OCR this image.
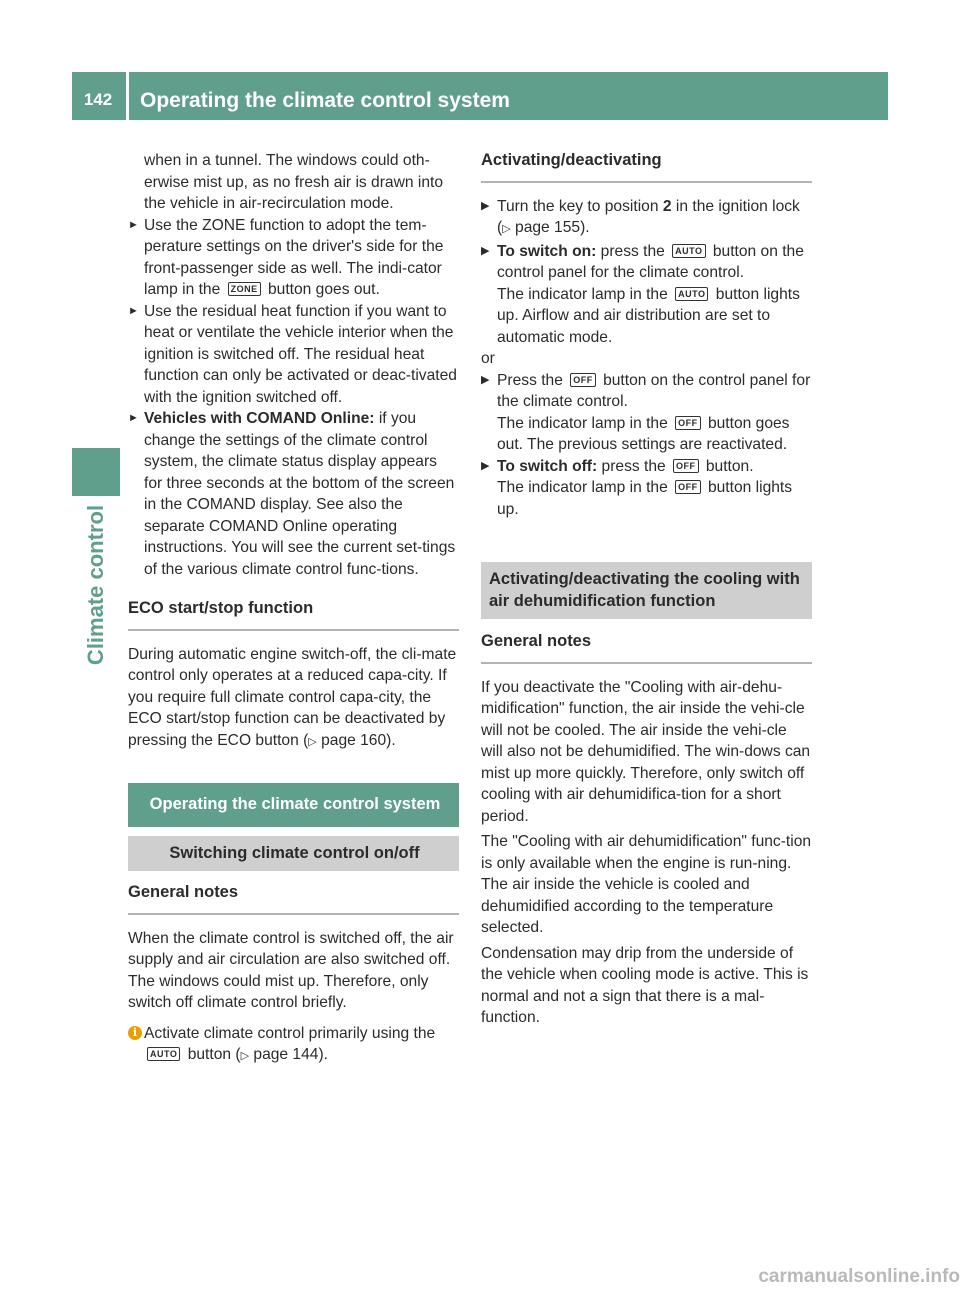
142	Operating the climate control system
Climate control

when in a tunnel. The windows could oth-erwise mist up, as no fresh air is drawn into the vehicle in air-recirculation mode.

► Use the ZONE function to adopt the tem-perature settings on the driver's side for the front-passenger side as well. The indi-cator lamp in the ZONE button goes out.
► Use the residual heat function if you want to heat or ventilate the vehicle interior when the ignition is switched off. The residual heat function can only be activated or deac-tivated with the ignition switched off.
► Vehicles with COMAND Online: if you change the settings of the climate control system, the climate status display appears for three seconds at the bottom of the screen in the COMAND display. See also the separate COMAND Online operating instructions. You will see the current set-tings of the various climate control func-tions.
ECO start/stop function

During automatic engine switch-off, the cli-mate control only operates at a reduced capa-city. If you require full climate control capa-city, the ECO start/stop function can be deactivated by pressing the ECO button (▷ page 160).

Operating the climate control system
Switching climate control on/off
General notes

When the climate control is switched off, the air supply and air circulation are also switched off. The windows could mist up. Therefore, only switch off climate control briefly.

i Activate climate control primarily using the AUTO button (▷ page 144).
Activating/deactivating
▶ Turn the key to position 2 in the ignition lock (▷ page 155).
▶ To switch on: press the AUTO button on the control panel for the climate control.
The indicator lamp in the AUTO button lights up. Airflow and air distribution are set to automatic mode.

or

▶ Press the OFF button on the control panel for the climate control.
The indicator lamp in the OFF button goes out. The previous settings are reactivated.
▶ To switch off: press the OFF button.
The indicator lamp in the OFF button lights up.
Activating/deactivating the cooling with air dehumidification function
General notes

If you deactivate the "Cooling with air-dehu-midification" function, the air inside the vehi-cle will not be cooled. The air inside the vehi-cle will also not be dehumidified. The win-dows can mist up more quickly. Therefore, only switch off cooling with air dehumidifica-tion for a short period.

The "Cooling with air dehumidification" func-tion is only available when the engine is run-ning. The air inside the vehicle is cooled and dehumidified according to the temperature selected.

Condensation may drip from the underside of the vehicle when cooling mode is active. This is normal and not a sign that there is a mal-function.

carmanualsonline.info
